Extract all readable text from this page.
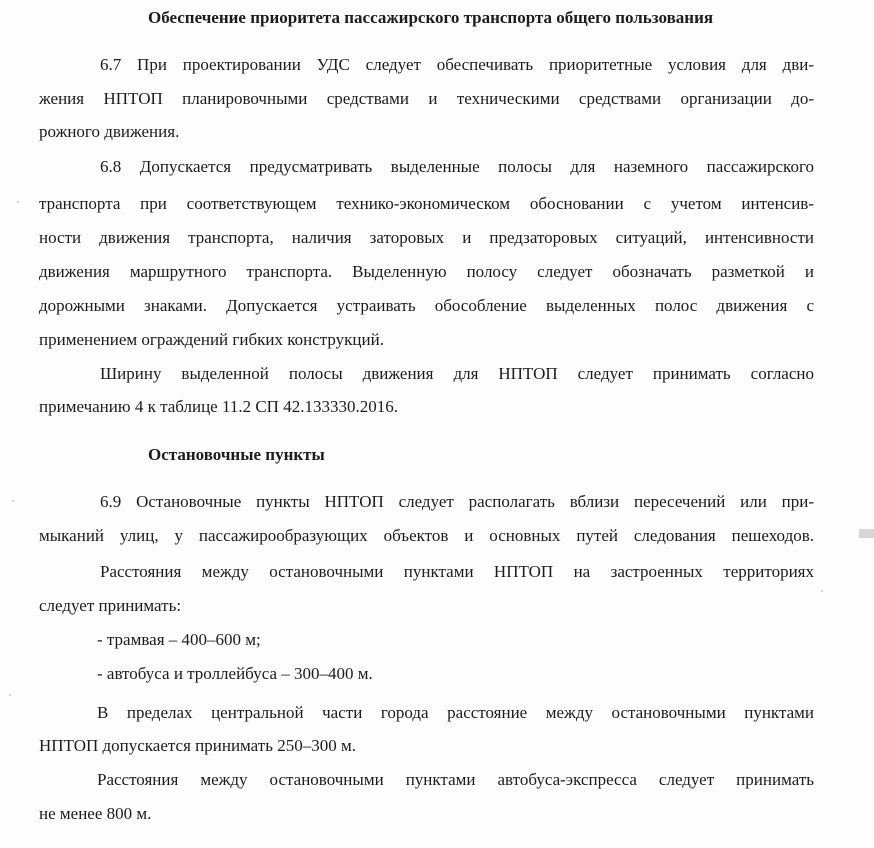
Обеспечение приоритета пассажирского транспорта общего пользования
6.7 При проектировании УДС следует обеспечивать приоритетные условия для дви-
жения НПТОП планировочными средствами и техническими средствами организации до-
рожного движения.
6.8 Допускается предусматривать выделенные полосы для наземного пассажирского
транспорта при соответствующем технико-экономическом обосновании с учетом интенсив-
ности движения транспорта, наличия заторовых и предзаторовых ситуаций, интенсивности
движения маршрутного транспорта. Выделенную полосу следует обозначать разметкой и
дорожными знаками. Допускается устраивать обособление выделенных полос движения с
применением ограждений гибких конструкций.
Ширину выделенной полосы движения для НПТОП следует принимать согласно
примечанию 4 к таблице 11.2 СП 42.133330.2016.
Остановочные пункты
6.9 Остановочные пункты НПТОП следует располагать вблизи пересечений или при-
мыканий улиц, у пассажирообразующих объектов и основных путей следования пешеходов.
Расстояния между остановочными пунктами НПТОП на застроенных территориях
следует принимать:
- трамвая – 400–600 м;
- автобуса и троллейбуса – 300–400 м.
В пределах центральной части города расстояние между остановочными пунктами
НПТОП допускается принимать 250–300 м.
Расстояния между остановочными пунктами автобуса-экспресса следует принимать
не менее 800 м.
